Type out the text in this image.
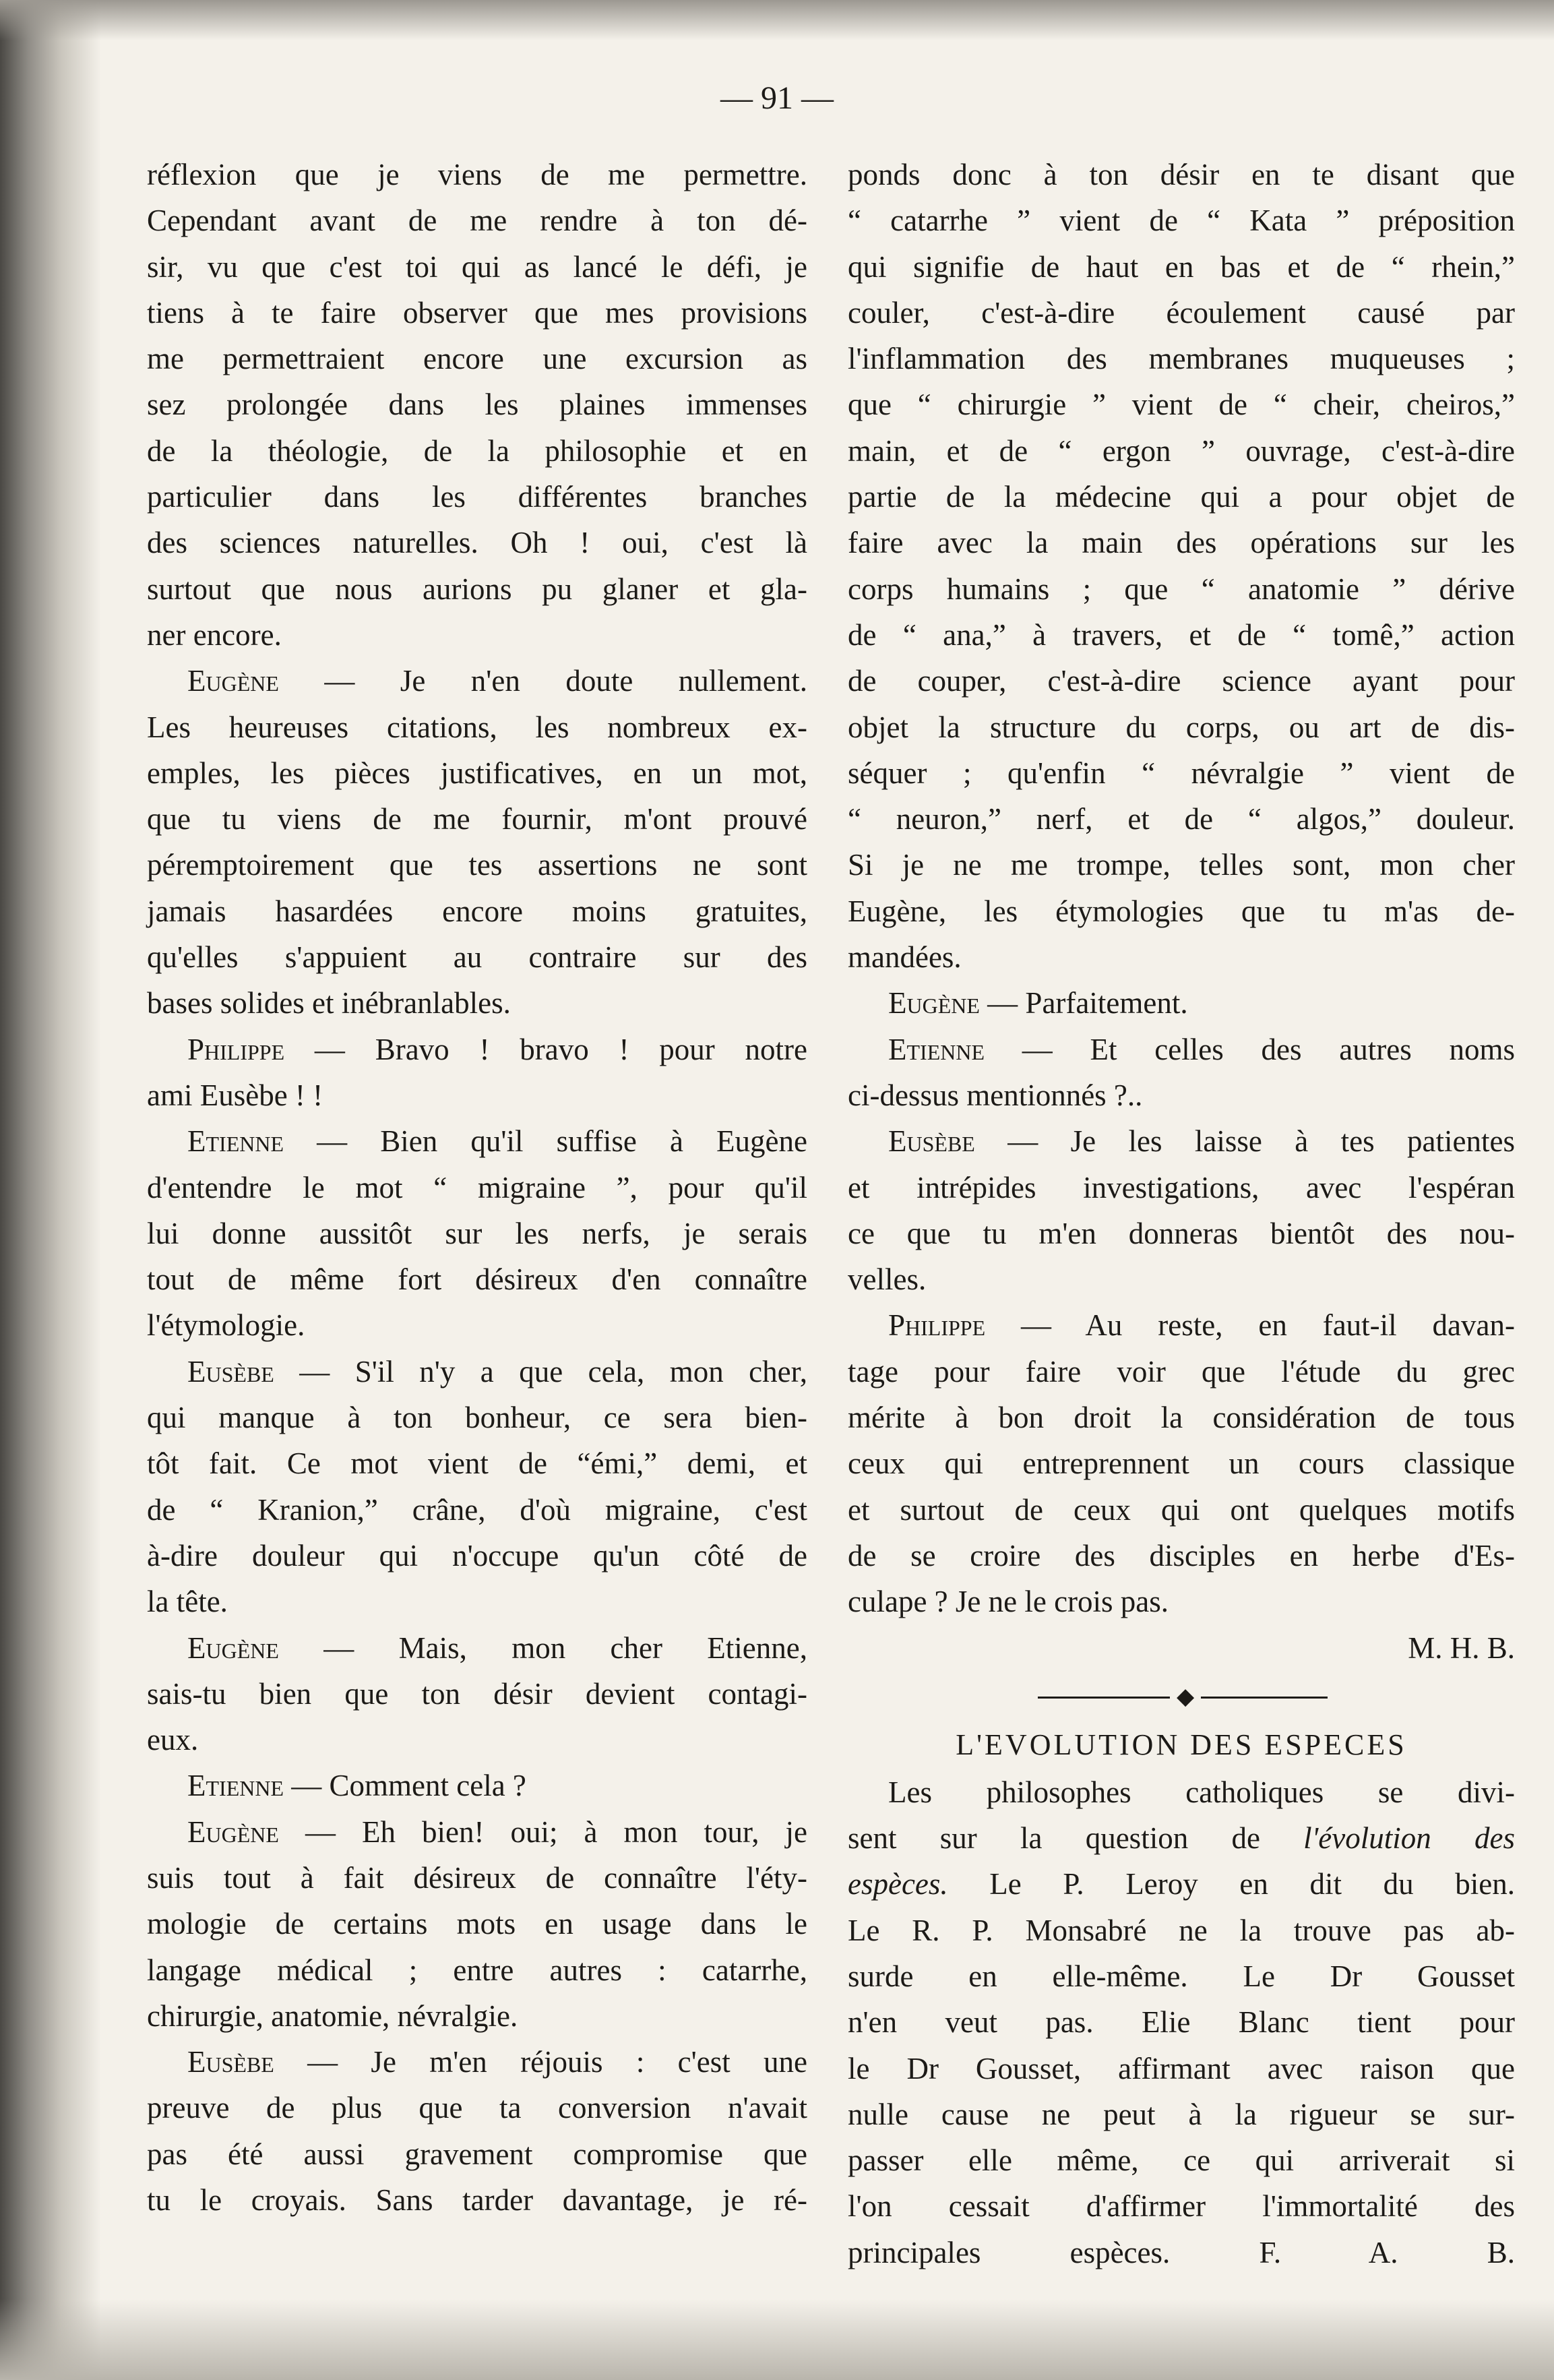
— 91 —
réflexion que je viens de me permettre.
Cependant avant de me rendre à ton dé-
sir, vu que c'est toi qui as lancé le défi, je
tiens à te faire observer que mes provisions
me permettraient encore une excursion as
sez prolongée dans les plaines immenses
de la théologie, de la philosophie et en
particulier dans les différentes branches
des sciences naturelles. Oh ! oui, c'est là
surtout que nous aurions pu glaner et gla-
ner encore.
Eugène — Je n'en doute nullement.
Les heureuses citations, les nombreux ex-
emples, les pièces justificatives, en un mot,
que tu viens de me fournir, m'ont prouvé
péremptoirement que tes assertions ne sont
jamais hasardées encore moins gratuites,
qu'elles s'appuient au contraire sur des
bases solides et inébranlables.
Philippe — Bravo ! bravo ! pour notre
ami Eusèbe ! !
Etienne — Bien qu'il suffise à Eugène
d'entendre le mot “ migraine ”, pour qu'il
lui donne aussitôt sur les nerfs, je serais
tout de même fort désireux d'en connaître
l'étymologie.
Eusèbe — S'il n'y a que cela, mon cher,
qui manque à ton bonheur, ce sera bien-
tôt fait. Ce mot vient de “émi,” demi, et
de “ Kranion,” crâne, d'où migraine, c'est
à-dire douleur qui n'occupe qu'un côté de
la tête.
Eugène — Mais, mon cher Etienne,
sais-tu bien que ton désir devient contagi-
eux.
Etienne — Comment cela ?
Eugène — Eh bien! oui; à mon tour, je
suis tout à fait désireux de connaître l'éty-
mologie de certains mots en usage dans le
langage médical ; entre autres : catarrhe,
chirurgie, anatomie, névralgie.
Eusèbe — Je m'en réjouis : c'est une
preuve de plus que ta conversion n'avait
pas été aussi gravement compromise que
tu le croyais. Sans tarder davantage, je ré-
ponds donc à ton désir en te disant que
“ catarrhe ” vient de “ Kata ” préposition
qui signifie de haut en bas et de “ rhein,”
couler, c'est-à-dire écoulement causé par
l'inflammation des membranes muqueuses ;
que “ chirurgie ” vient de “ cheir, cheiros,”
main, et de “ ergon ” ouvrage, c'est-à-dire
partie de la médecine qui a pour objet de
faire avec la main des opérations sur les
corps humains ; que “ anatomie ” dérive
de “ ana,” à travers, et de “ tomê,” action
de couper, c'est-à-dire science ayant pour
objet la structure du corps, ou art de dis-
séquer ; qu'enfin “ névralgie ” vient de
“ neuron,” nerf, et de “ algos,” douleur.
Si je ne me trompe, telles sont, mon cher
Eugène, les étymologies que tu m'as de-
mandées.
Eugène — Parfaitement.
Etienne — Et celles des autres noms
ci-dessus mentionnés ?..
Eusèbe — Je les laisse à tes patientes
et intrépides investigations, avec l'espéran
ce que tu m'en donneras bientôt des nou-
velles.
Philippe — Au reste, en faut-il davan-
tage pour faire voir que l'étude du grec
mérite à bon droit la considération de tous
ceux qui entreprennent un cours classique
et surtout de ceux qui ont quelques motifs
de se croire des disciples en herbe d'Es-
culape ? Je ne le crois pas.
M. H. B.
◆
L'EVOLUTION DES ESPECES
Les philosophes catholiques se divi-
sent sur la question de l'évolution des
espèces. Le P. Leroy en dit du bien.
Le R. P. Monsabré ne la trouve pas ab-
surde en elle-même. Le Dr Gousset
n'en veut pas. Elie Blanc tient pour
le Dr Gousset, affirmant avec raison que
nulle cause ne peut à la rigueur se sur-
passer elle même, ce qui arriverait si
l'on cessait d'affirmer l'immortalité des
principales espèces. F. A. B.
